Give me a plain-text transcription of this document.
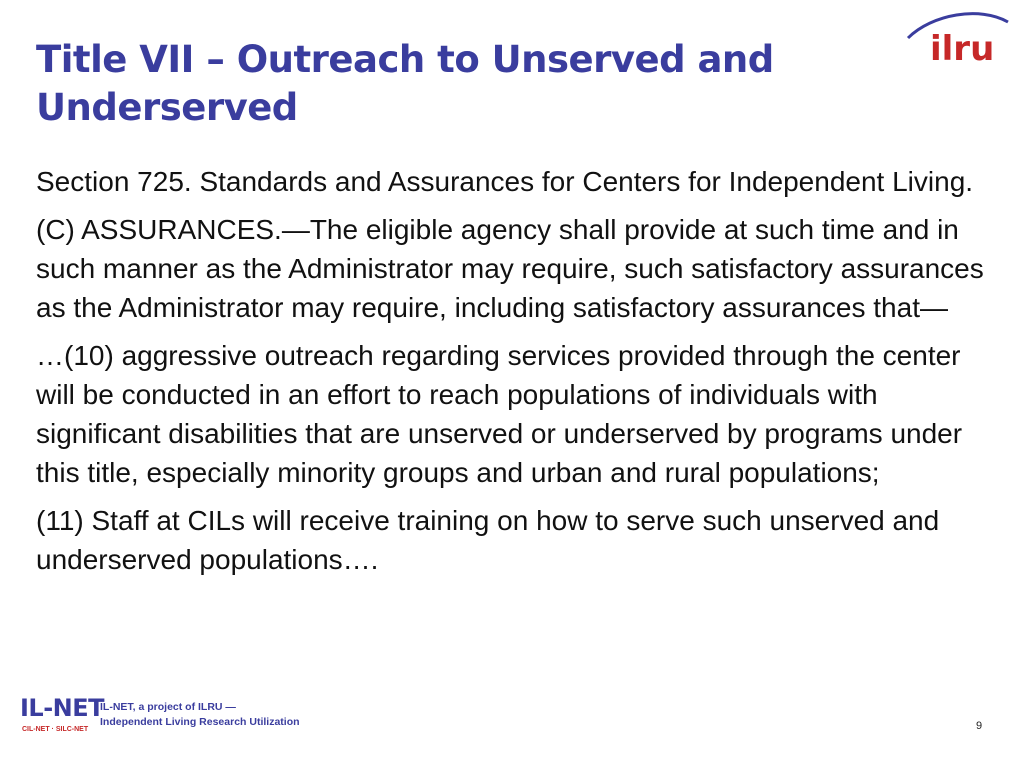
Title VII – Outreach to Unserved and Underserved
ilru

Section 725. Standards and Assurances for Centers for Independent Living.

(C) ASSURANCES.—The eligible agency shall provide at such time and in such manner as the Administrator may require, such satisfactory assurances as the Administrator may require, including satisfactory assurances that—

…(10) aggressive outreach regarding services provided through the center will be conducted in an effort to reach populations of individuals with significant disabilities that are unserved or underserved by programs under this title, especially minority groups and urban and rural populations;

(11) Staff at CILs will receive training on how to serve such unserved and underserved populations….

IL-NET
CIL-NET · SILC-NET
IL-NET, a project of ILRU —
Independent Living Research Utilization	9
